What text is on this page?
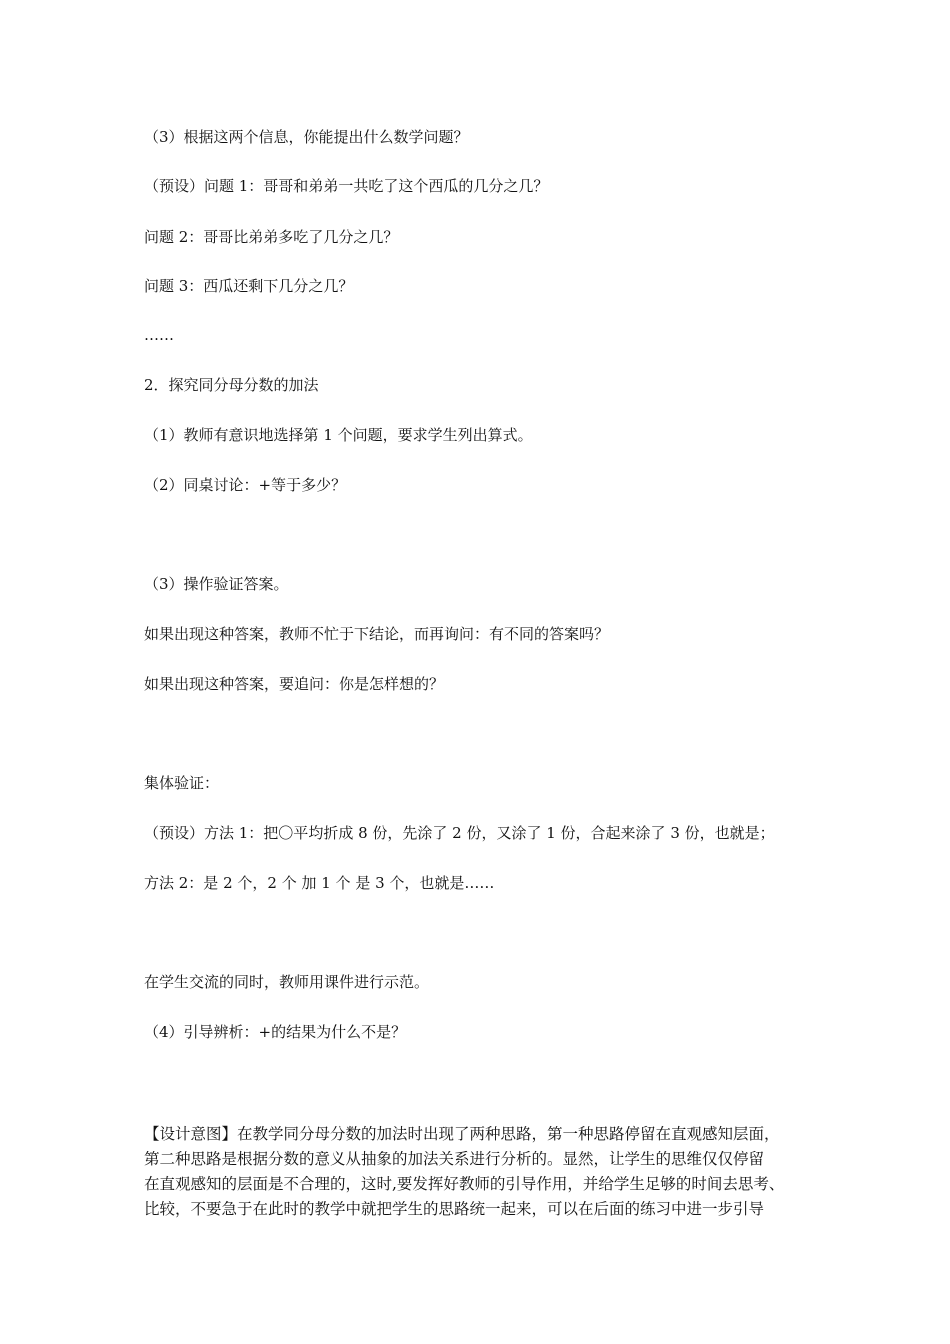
（3）根据这两个信息，你能提出什么数学问题？
（预设）问题 1：哥哥和弟弟一共吃了这个西瓜的几分之几？
问题 2：哥哥比弟弟多吃了几分之几？
问题 3：西瓜还剩下几分之几？
……
2．探究同分母分数的加法
（1）教师有意识地选择第 1 个问题，要求学生列出算式。
（2）同桌讨论：+等于多少？
（3）操作验证答案。
如果出现这种答案，教师不忙于下结论，而再询问：有不同的答案吗？
如果出现这种答案，要追问：你是怎样想的？
集体验证：
（预设）方法 1：把〇平均折成 8 份，先涂了 2 份，又涂了 1 份，合起来涂了 3 份，也就是；
方法 2：是 2 个，2 个 加 1 个 是 3 个，也就是……
在学生交流的同时，教师用课件进行示范。
（4）引导辨析：+的结果为什么不是？
【设计意图】在教学同分母分数的加法时出现了两种思路，第一种思路停留在直观感知层面，
第二种思路是根据分数的意义从抽象的加法关系进行分析的。显然，让学生的思维仅仅停留
在直观感知的层面是不合理的，这时,要发挥好教师的引导作用，并给学生足够的时间去思考、
比较，不要急于在此时的教学中就把学生的思路统一起来，可以在后面的练习中进一步引导
